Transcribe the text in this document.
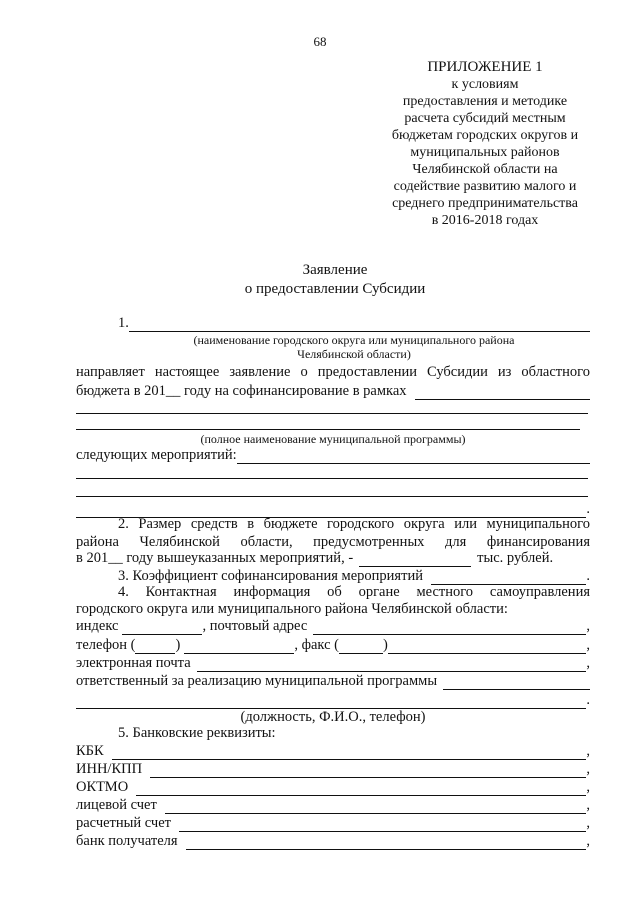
68
ПРИЛОЖЕНИЕ 1
к условиям
предоставления и методике
расчета субсидий местным
бюджетам городских округов и
муниципальных районов
Челябинской области на
содействие развитию малого и
среднего предпринимательства
в 2016-2018 годах
Заявление
о предоставлении Субсидии
1.
(наименование городского округа или муниципального района
Челябинской области)
направляет настоящее заявление о предоставлении Субсидии из областного
бюджета в 201__ году на софинансирование в рамках
(полное наименование муниципальной программы)
следующих мероприятий:
.
2. Размер средств в бюджете городского округа или муниципального
района Челябинской области, предусмотренных для финансирования
в 201__ году вышеуказанных мероприятий, -	тыс. рублей.
3. Коэффициент софинансирования мероприятий	.
4. Контактная информация об органе местного самоуправления
городского округа или муниципального района Челябинской области:
индекс	, почтовый адрес	,
телефон (	)	, факс (	)	,
электронная почта	,
ответственный за реализацию муниципальной программы
.
(должность, Ф.И.О., телефон)
5. Банковские реквизиты:
КБК	,
ИНН/КПП	,
ОКТМО	,
лицевой счет	,
расчетный счет	,
банк получателя	,
